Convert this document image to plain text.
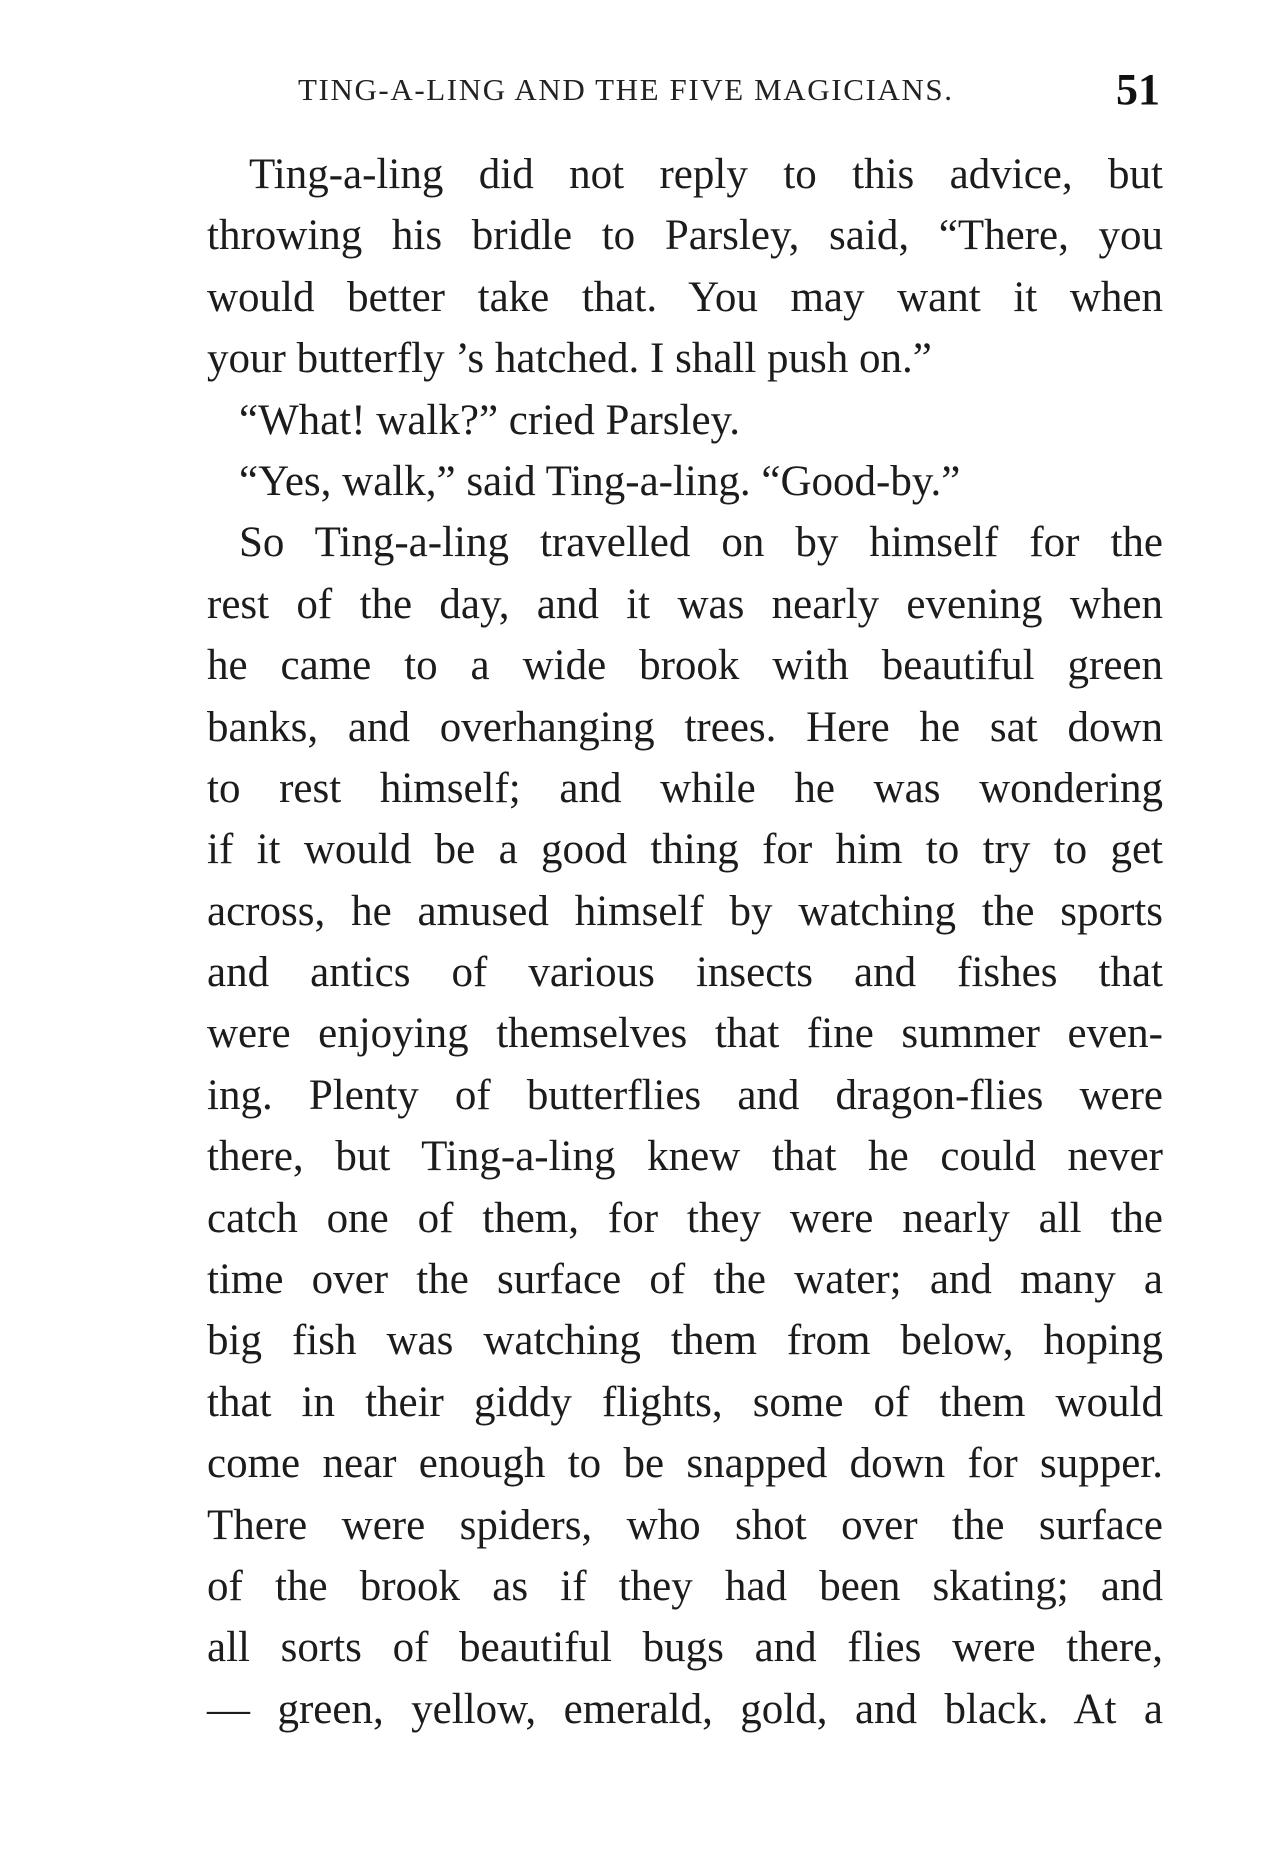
TING-A-LING AND THE FIVE MAGICIANS.	51
Ting-a-ling did not reply to this advice, but
throwing his bridle to Parsley, said, “There, you
would better take that. You may want it when
your butterfly ’s hatched. I shall push on.”
“What! walk?” cried Parsley.
“Yes, walk,” said Ting-a-ling. “Good-by.”
So Ting-a-ling travelled on by himself for the
rest of the day, and it was nearly evening when
he came to a wide brook with beautiful green
banks, and overhanging trees. Here he sat down
to rest himself; and while he was wondering
if it would be a good thing for him to try to get
across, he amused himself by watching the sports
and antics of various insects and fishes that
were enjoying themselves that fine summer even-
ing. Plenty of butterflies and dragon-flies were
there, but Ting-a-ling knew that he could never
catch one of them, for they were nearly all the
time over the surface of the water; and many a
big fish was watching them from below, hoping
that in their giddy flights, some of them would
come near enough to be snapped down for supper.
There were spiders, who shot over the surface
of the brook as if they had been skating; and
all sorts of beautiful bugs and flies were there,
— green, yellow, emerald, gold, and black. At a
